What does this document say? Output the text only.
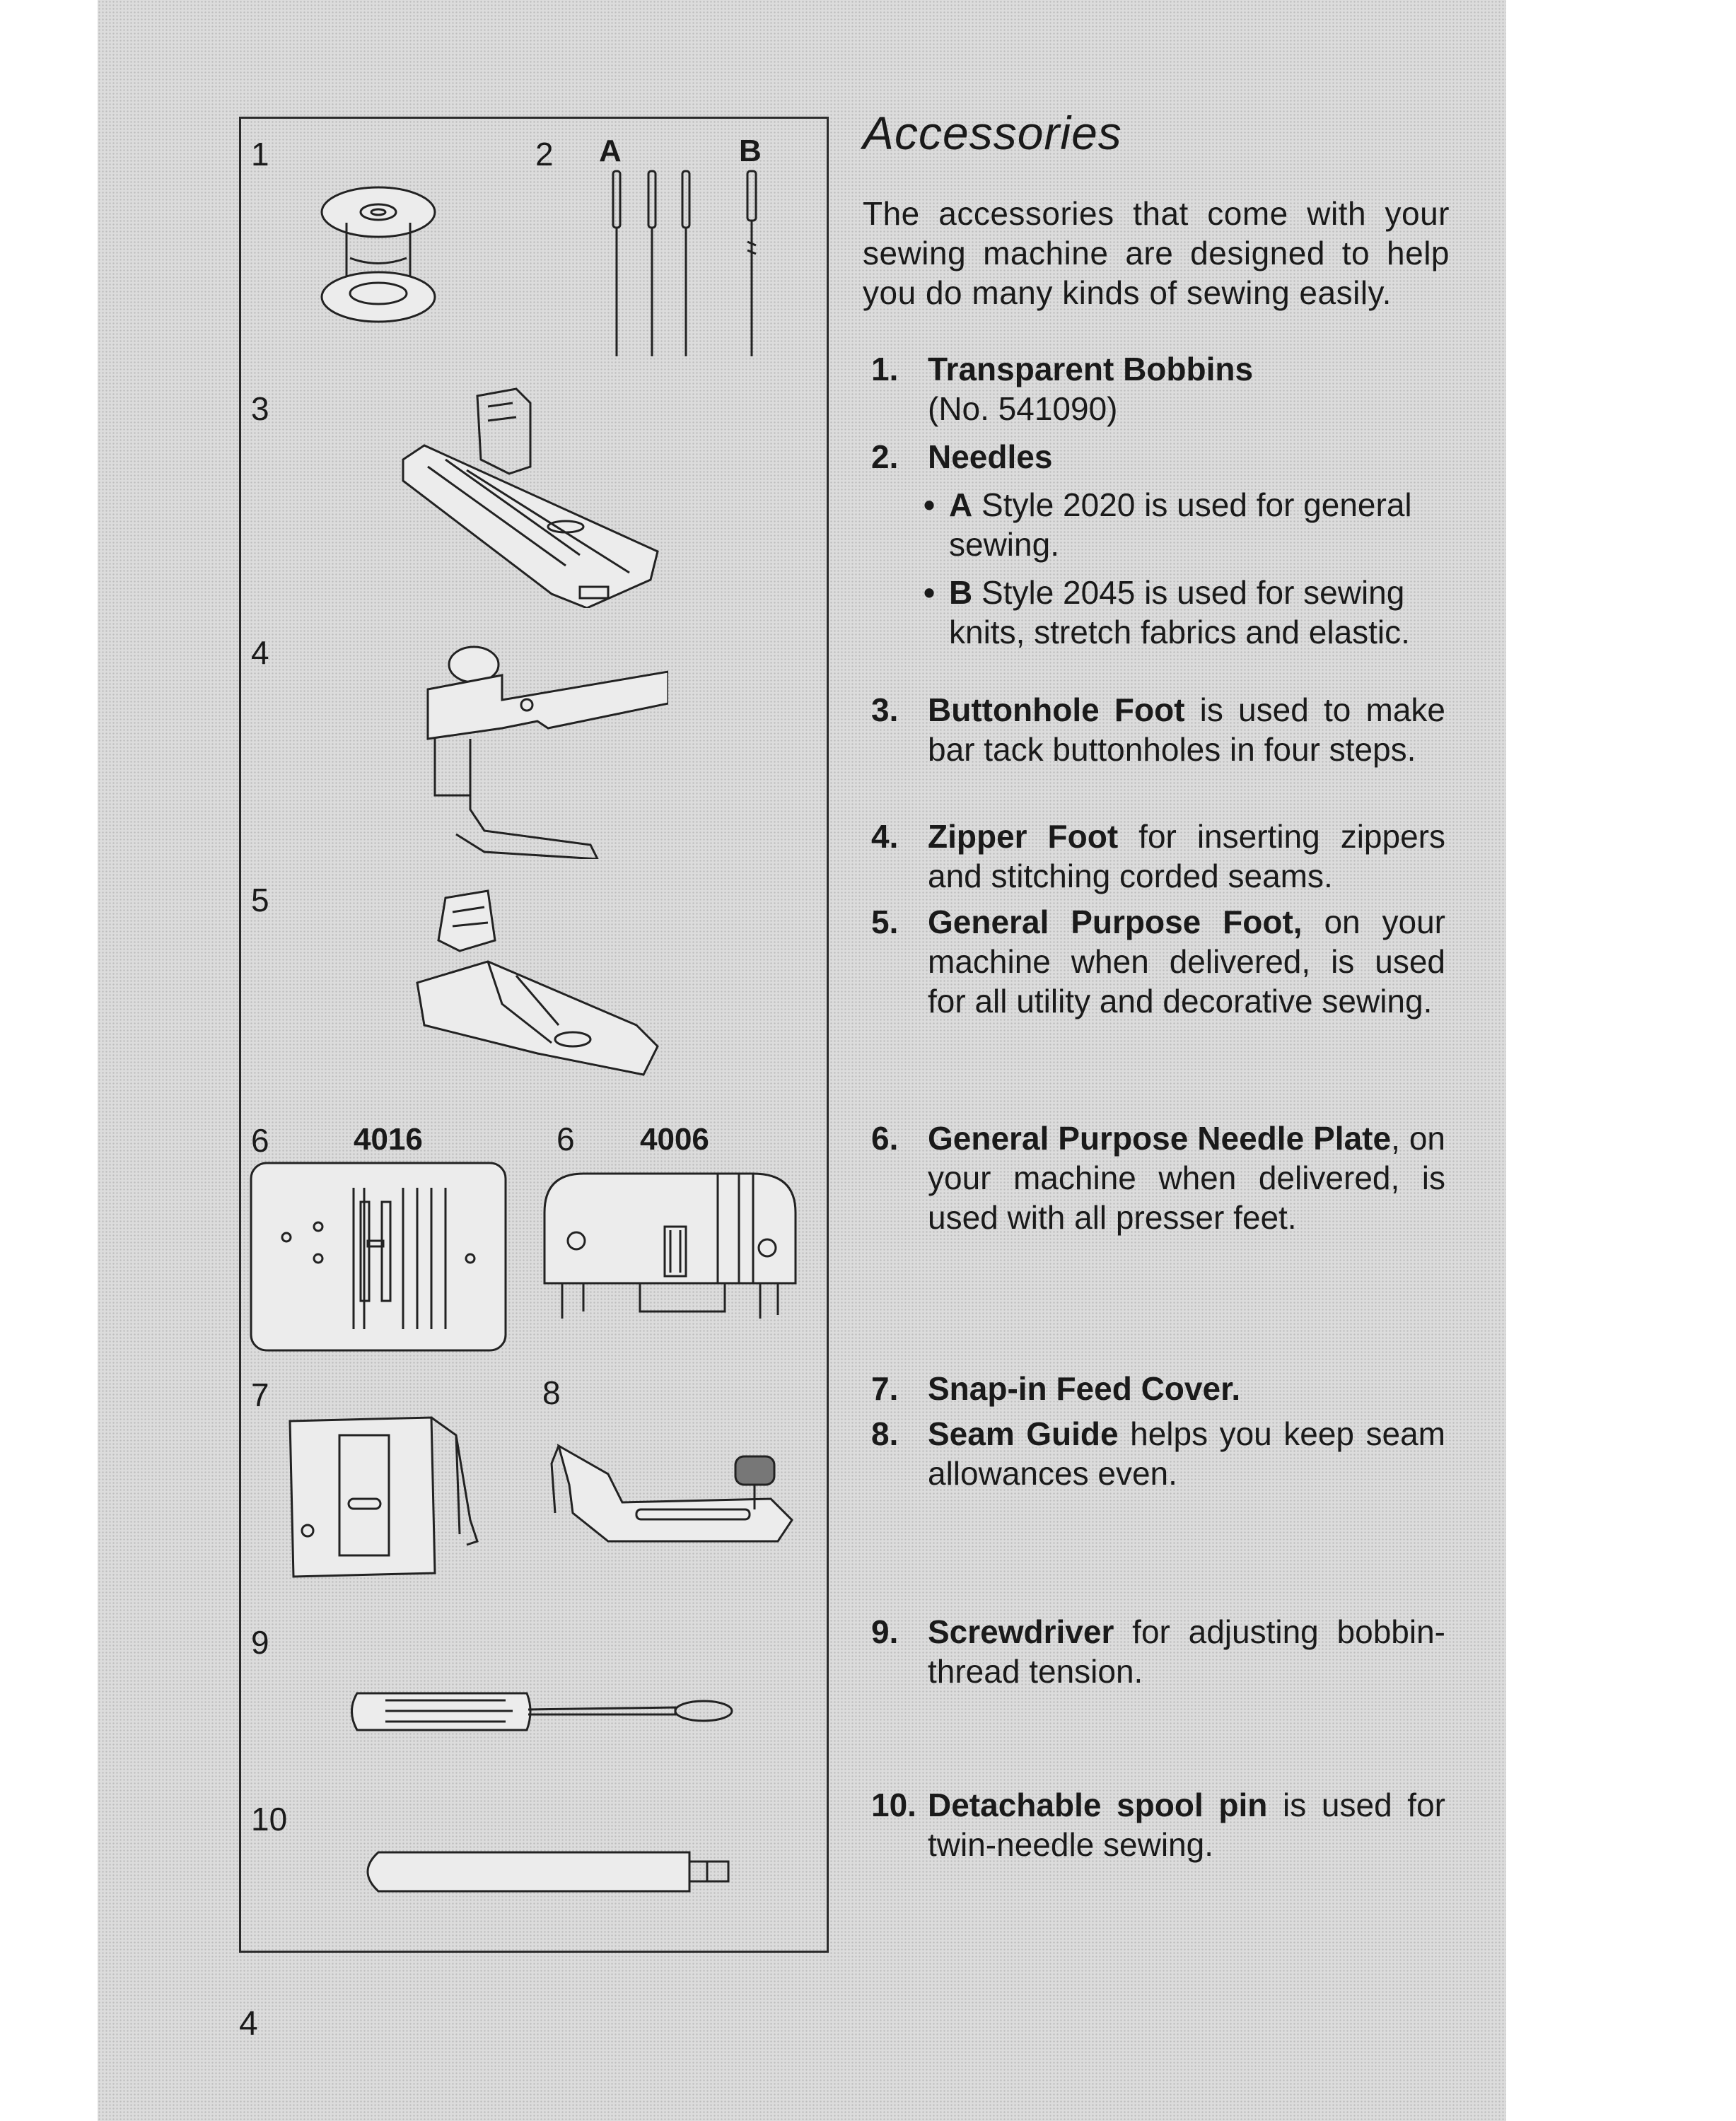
1	2 A	B
3
4
5
6	4016	6 4006
7	8
9
10
Accessories

The accessories that come with your sewing machine are designed to help you do many kinds of sewing easily.

1. Transparent Bobbins
(No. 541090)
2. Needles
• A Style 2020 is used for general sewing.
• B Style 2045 is used for sewing knits, stretch fabrics and elastic.
3. Buttonhole Foot is used to make bar tack buttonholes in four steps.
4. Zipper Foot for inserting zippers and stitching corded seams.
5. General Purpose Foot, on your machine when delivered, is used for all utility and decorative sewing.
6. General Purpose Needle Plate, on your machine when delivered, is used with all presser feet.
7. Snap-in Feed Cover.
8. Seam Guide helps you keep seam allowances even.
9. Screwdriver for adjusting bobbin-thread tension.
10. Detachable spool pin is used for twin-needle sewing.
4
